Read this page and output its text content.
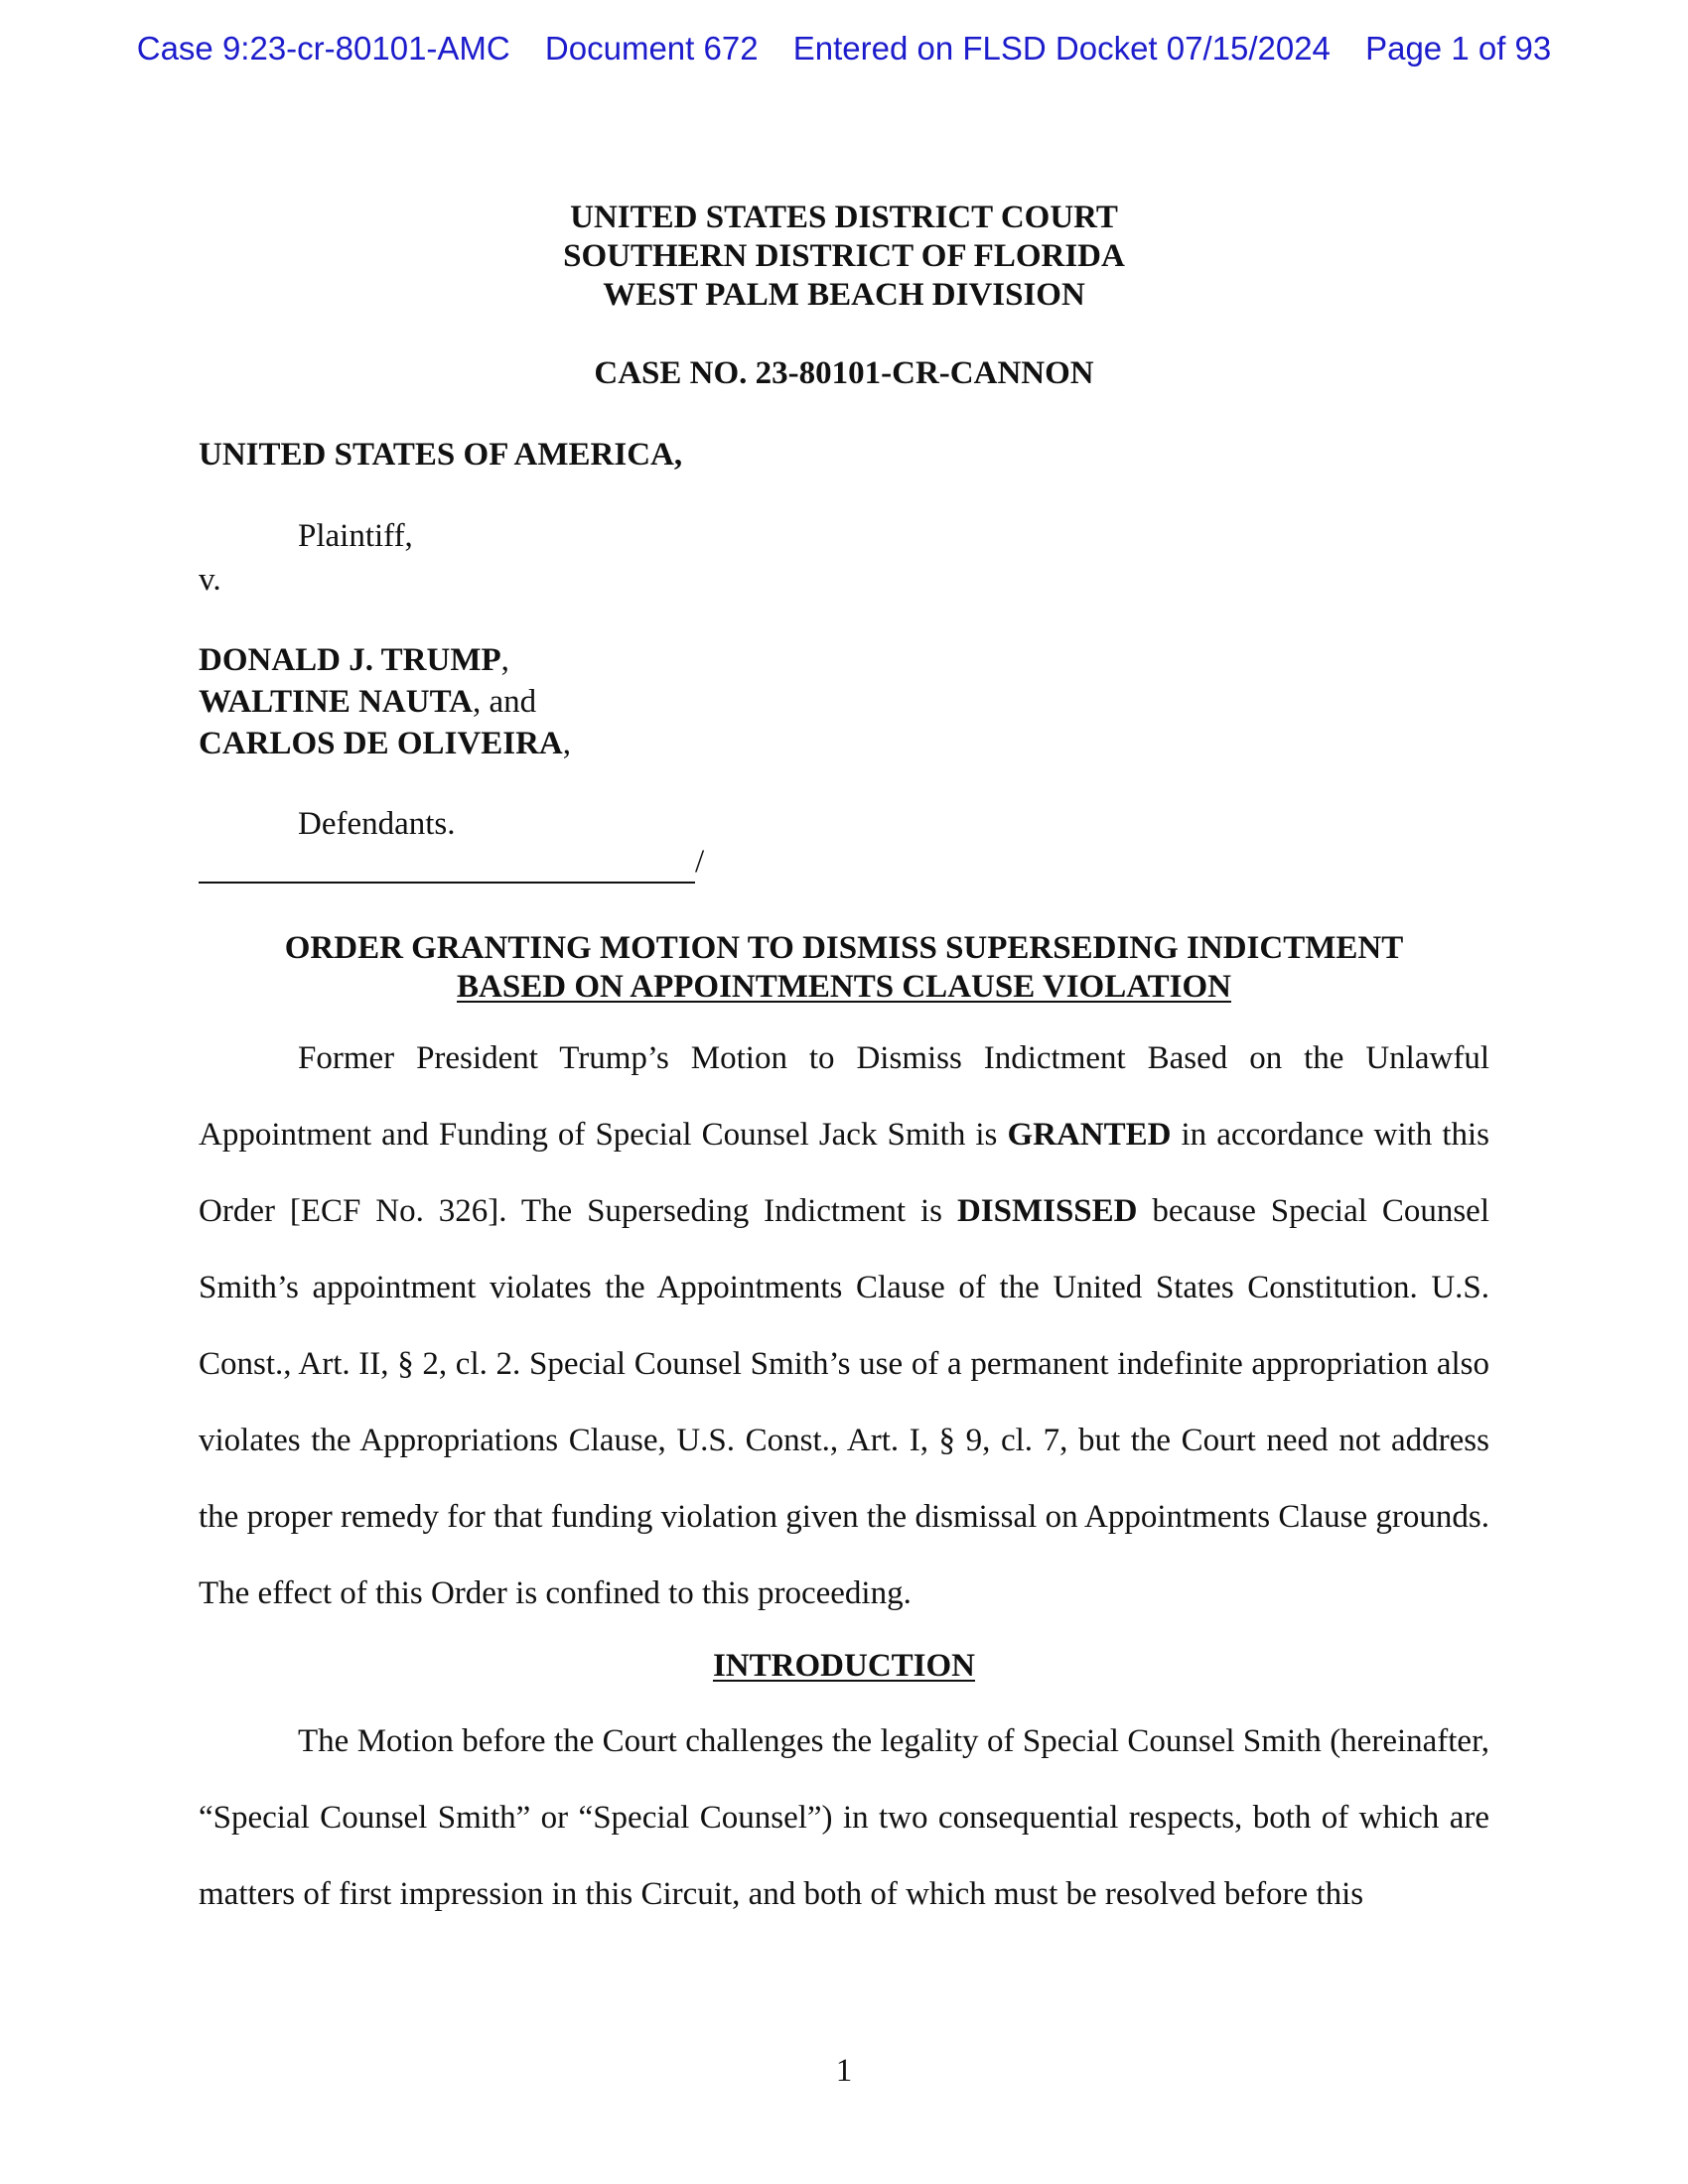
Case 9:23-cr-80101-AMC Document 672 Entered on FLSD Docket 07/15/2024 Page 1 of 93
UNITED STATES DISTRICT COURT
SOUTHERN DISTRICT OF FLORIDA
WEST PALM BEACH DIVISION
CASE NO. 23-80101-CR-CANNON
UNITED STATES OF AMERICA,
Plaintiff,
v.
DONALD J. TRUMP,
WALTINE NAUTA, and
CARLOS DE OLIVEIRA,
Defendants.
/
ORDER GRANTING MOTION TO DISMISS SUPERSEDING INDICTMENT
BASED ON APPOINTMENTS CLAUSE VIOLATION

Former President Trump’s Motion to Dismiss Indictment Based on the Unlawful Appointment and Funding of Special Counsel Jack Smith is GRANTED in accordance with this Order [ECF No. 326]. The Superseding Indictment is DISMISSED because Special Counsel Smith’s appointment violates the Appointments Clause of the United States Constitution. U.S. Const., Art. II, § 2, cl. 2. Special Counsel Smith’s use of a permanent indefinite appropriation also violates the Appropriations Clause, U.S. Const., Art. I, § 9, cl. 7, but the Court need not address the proper remedy for that funding violation given the dismissal on Appointments Clause grounds. The effect of this Order is confined to this proceeding.

INTRODUCTION

The Motion before the Court challenges the legality of Special Counsel Smith (hereinafter, “Special Counsel Smith” or “Special Counsel”) in two consequential respects, both of which are matters of first impression in this Circuit, and both of which must be resolved before this

1
